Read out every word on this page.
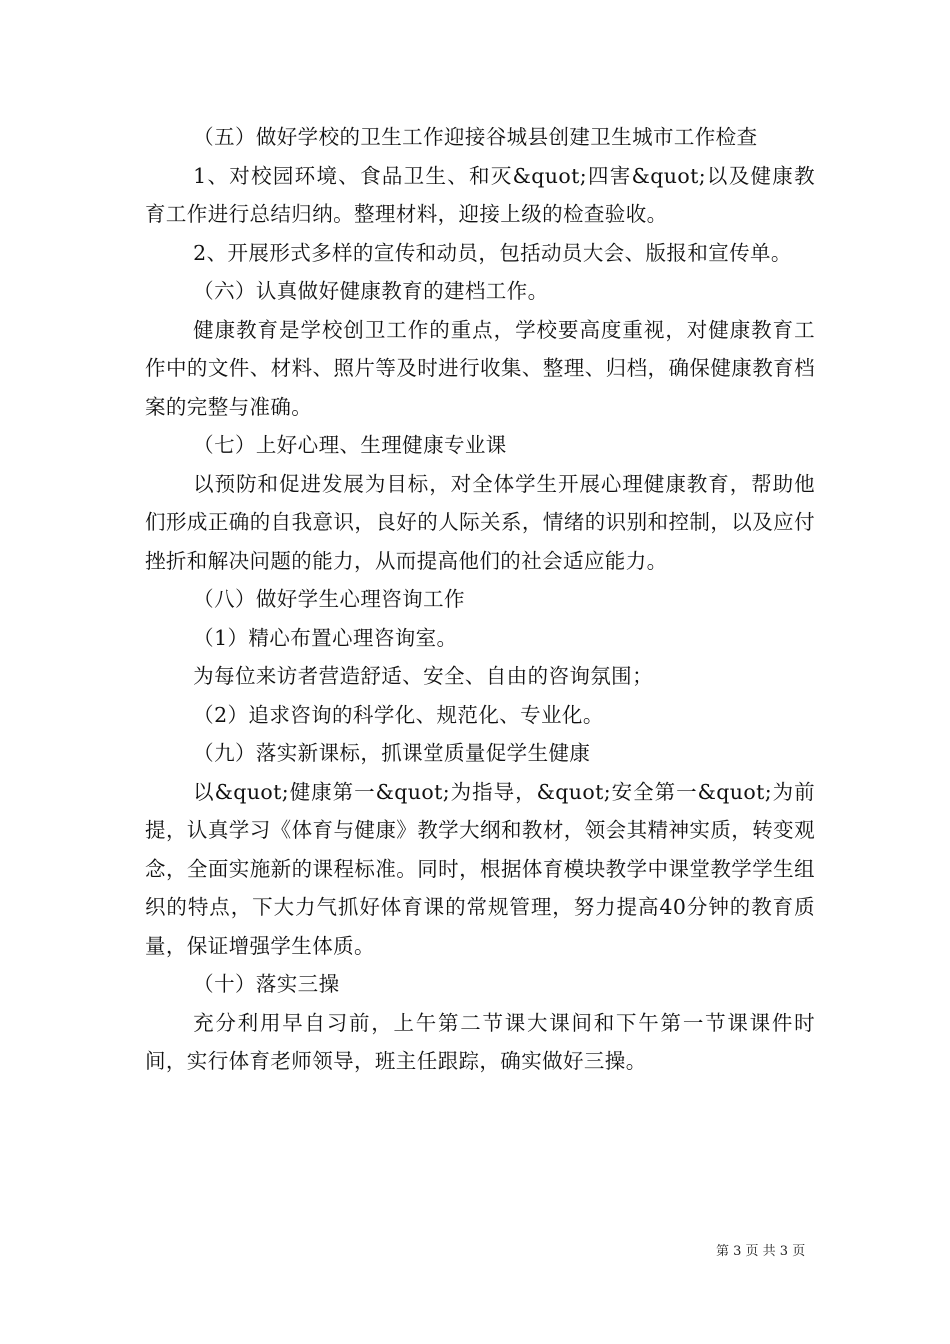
（五）做好学校的卫生工作迎接谷城县创建卫生城市工作检查

1、对校园环境、食品卫生、和灭&quot;四害&quot;以及健康教育工作进行总结归纳。整理材料，迎接上级的检查验收。

2、开展形式多样的宣传和动员，包括动员大会、版报和宣传单。

（六）认真做好健康教育的建档工作。

健康教育是学校创卫工作的重点，学校要高度重视，对健康教育工作中的文件、材料、照片等及时进行收集、整理、归档，确保健康教育档案的完整与准确。

（七）上好心理、生理健康专业课

以预防和促进发展为目标，对全体学生开展心理健康教育，帮助他们形成正确的自我意识，良好的人际关系，情绪的识别和控制，以及应付挫折和解决问题的能力，从而提高他们的社会适应能力。

（八）做好学生心理咨询工作

（1）精心布置心理咨询室。

为每位来访者营造舒适、安全、自由的咨询氛围；

（2）追求咨询的科学化、规范化、专业化。

（九）落实新课标，抓课堂质量促学生健康

以&quot;健康第一&quot;为指导，&quot;安全第一&quot;为前提，认真学习《体育与健康》教学大纲和教材，领会其精神实质，转变观念，全面实施新的课程标准。同时，根据体育模块教学中课堂教学学生组织的特点，下大力气抓好体育课的常规管理，努力提高40分钟的教育质量，保证增强学生体质。

（十）落实三操

充分利用早自习前，上午第二节课大课间和下午第一节课课件时间，实行体育老师领导，班主任跟踪，确实做好三操。

第 3 页 共 3 页
